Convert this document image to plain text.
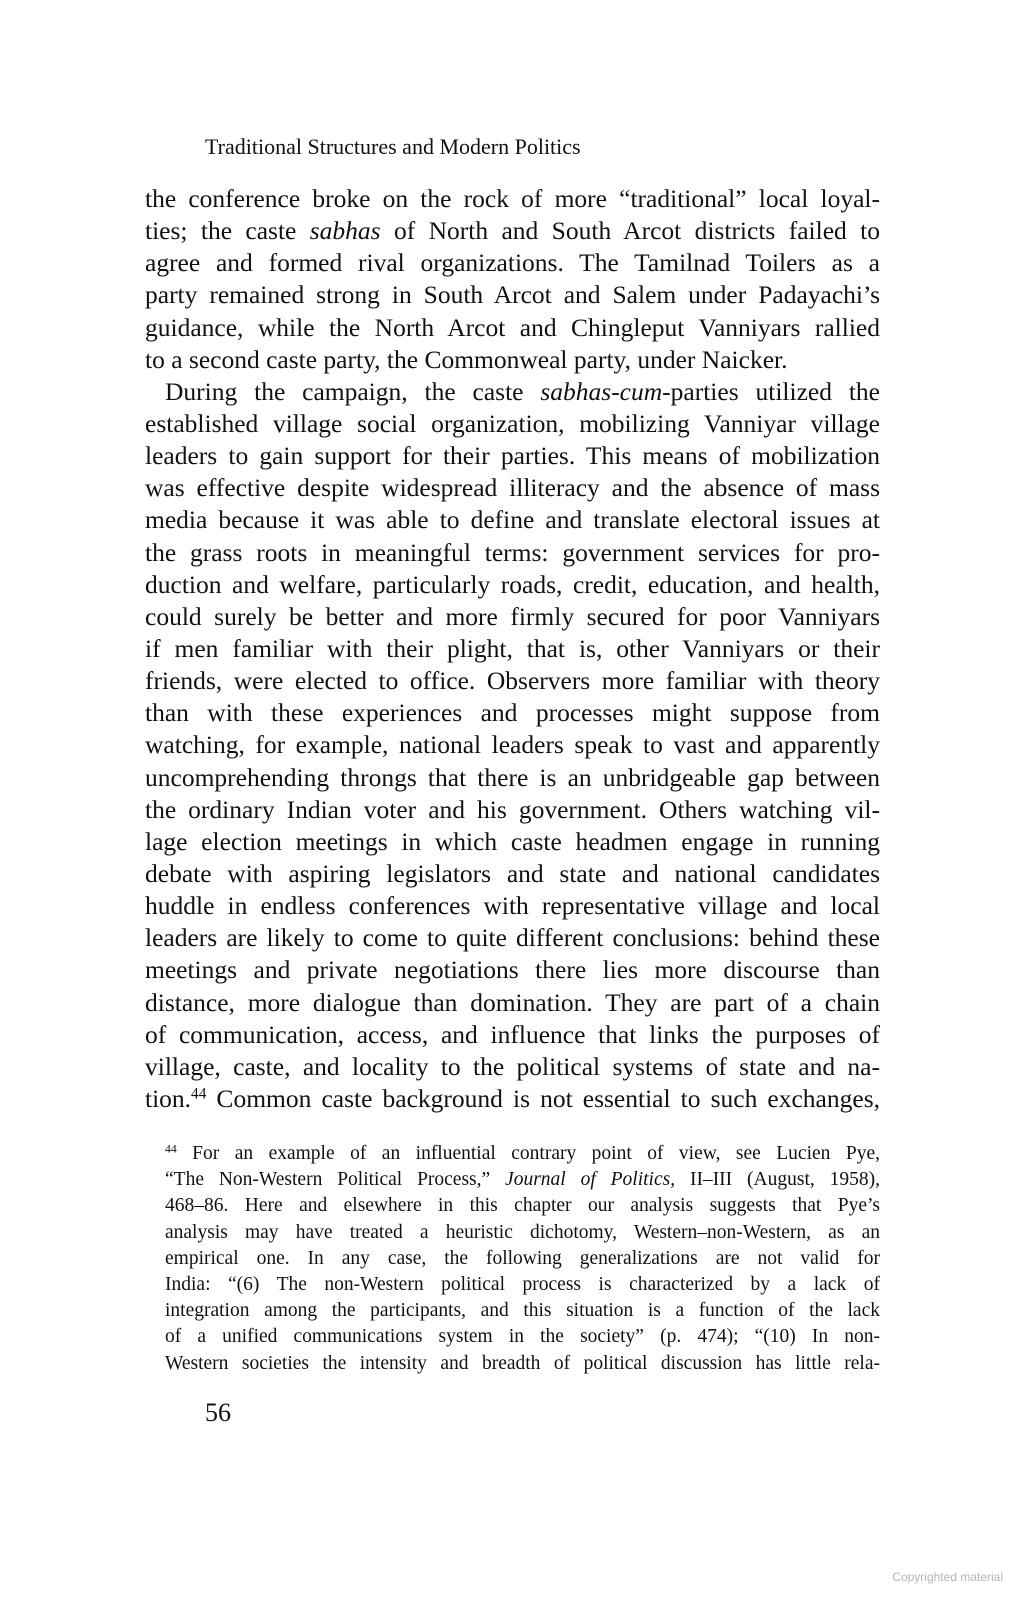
Traditional Structures and Modern Politics
the conference broke on the rock of more “traditional” local loyal-
ties; the caste sabhas of North and South Arcot districts failed to
agree and formed rival organizations. The Tamilnad Toilers as a
party remained strong in South Arcot and Salem under Padayachi’s
guidance, while the North Arcot and Chingleput Vanniyars rallied
to a second caste party, the Commonweal party, under Naicker.
During the campaign, the caste sabhas-cum-parties utilized the
established village social organization, mobilizing Vanniyar village
leaders to gain support for their parties. This means of mobilization
was effective despite widespread illiteracy and the absence of mass
media because it was able to define and translate electoral issues at
the grass roots in meaningful terms: government services for pro-
duction and welfare, particularly roads, credit, education, and health,
could surely be better and more firmly secured for poor Vanniyars
if men familiar with their plight, that is, other Vanniyars or their
friends, were elected to office. Observers more familiar with theory
than with these experiences and processes might suppose from
watching, for example, national leaders speak to vast and apparently
uncomprehending throngs that there is an unbridgeable gap between
the ordinary Indian voter and his government. Others watching vil-
lage election meetings in which caste headmen engage in running
debate with aspiring legislators and state and national candidates
huddle in endless conferences with representative village and local
leaders are likely to come to quite different conclusions: behind these
meetings and private negotiations there lies more discourse than
distance, more dialogue than domination. They are part of a chain
of communication, access, and influence that links the purposes of
village, caste, and locality to the political systems of state and na-
tion.$^{44}$ Common caste background is not essential to such exchanges,
$^{44}$ For an example of an influential contrary point of view, see Lucien Pye,
“The Non-Western Political Process,” Journal of Politics, II–III (August, 1958),
468–86. Here and elsewhere in this chapter our analysis suggests that Pye’s
analysis may have treated a heuristic dichotomy, Western–non-Western, as an
empirical one. In any case, the following generalizations are not valid for
India: “(6) The non-Western political process is characterized by a lack of
integration among the participants, and this situation is a function of the lack
of a unified communications system in the society” (p. 474); “(10) In non-
Western societies the intensity and breadth of political discussion has little rela-
56
Copyrighted material
